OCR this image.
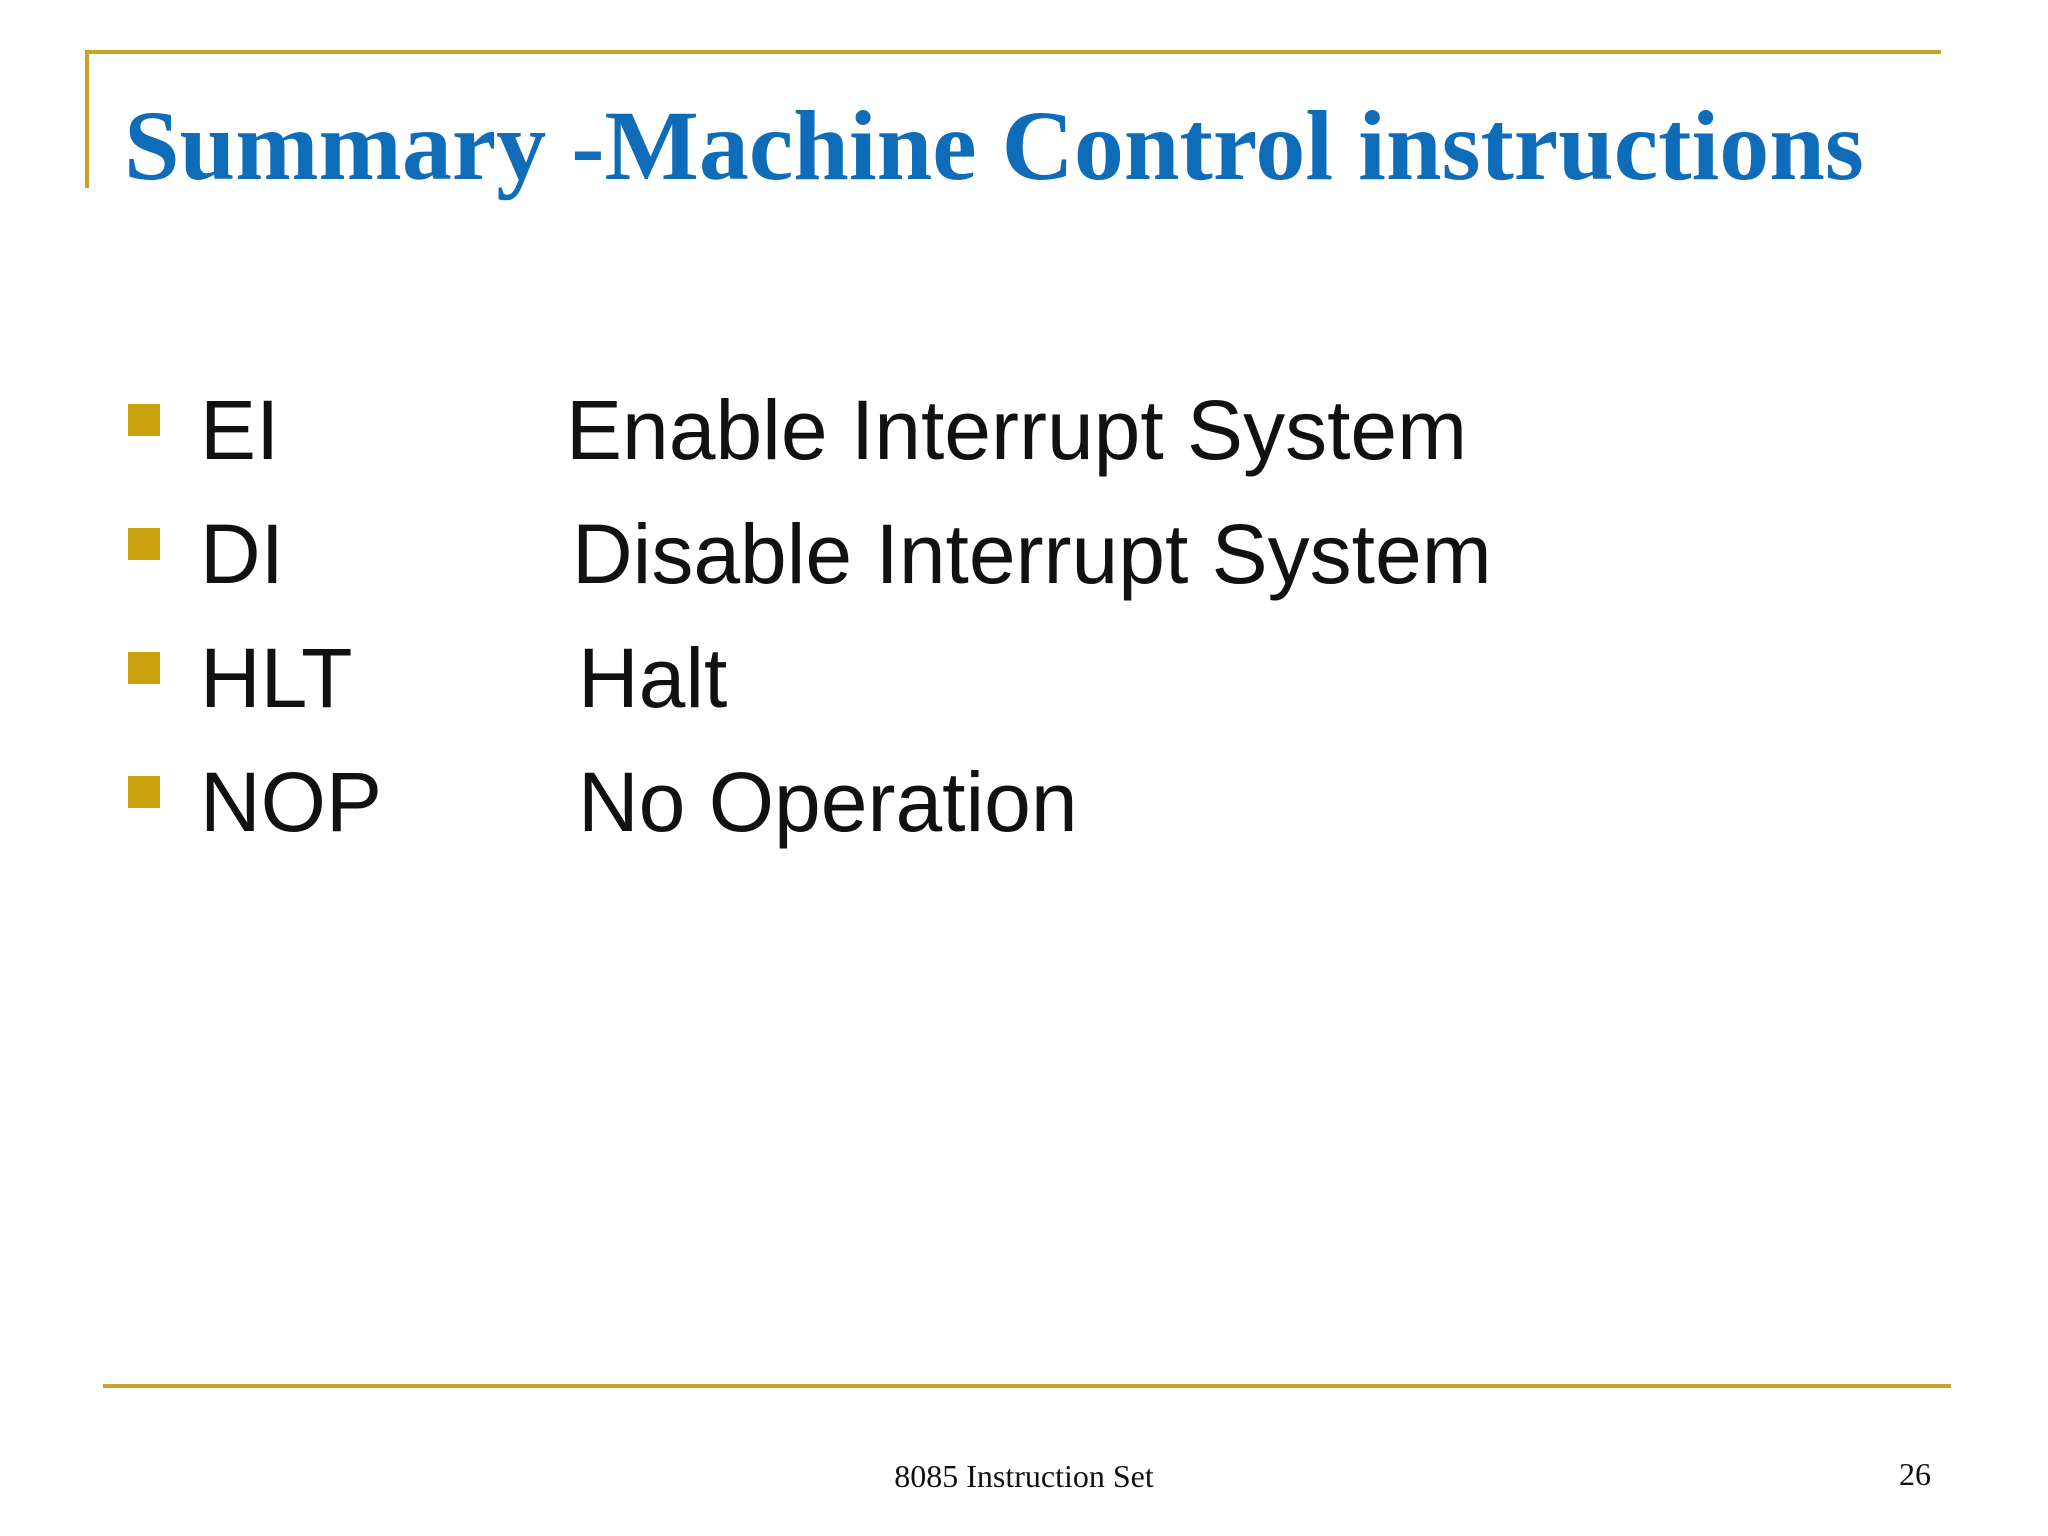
Summary -Machine Control instructions
EI	Enable Interrupt System
DI	Disable Interrupt System
HLT	Halt
NOP No Operation
8085 Instruction Set	26
